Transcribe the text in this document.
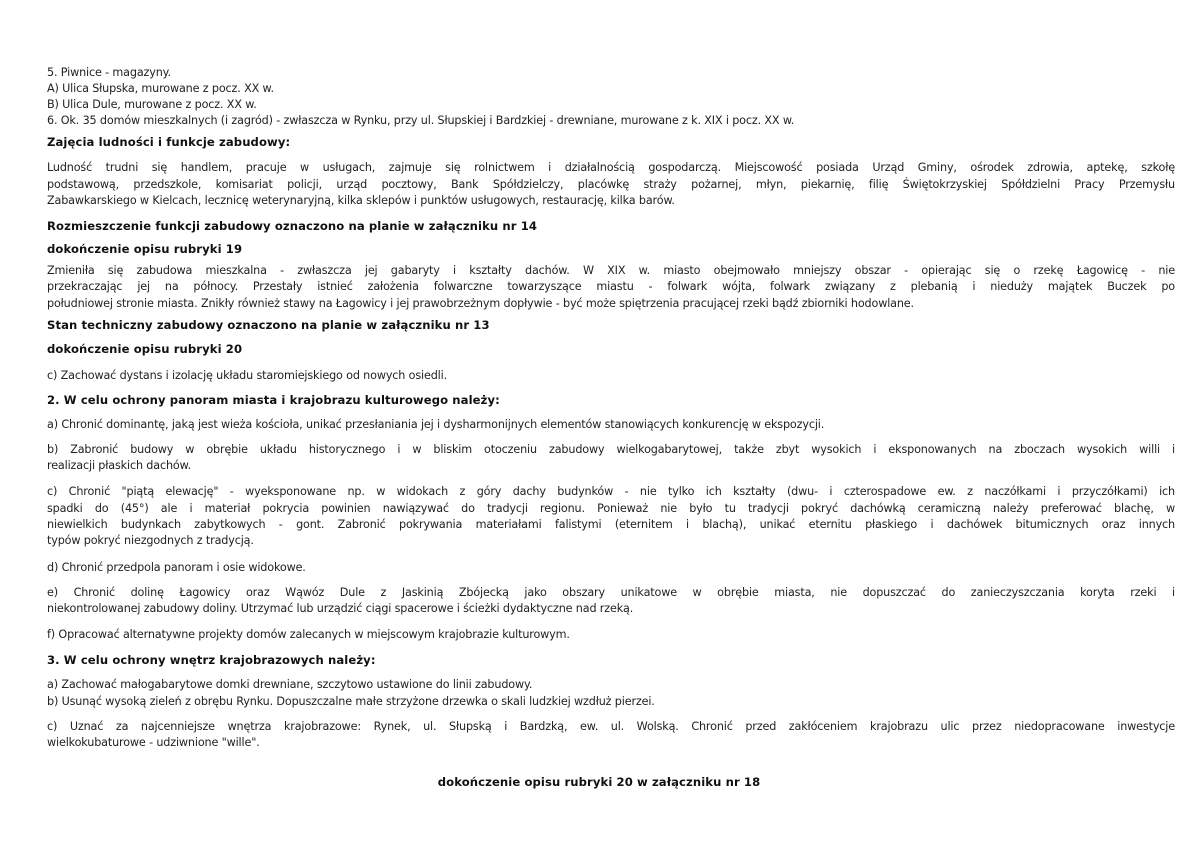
5. Piwnice - magazyny.
A) Ulica Słupska, murowane z pocz. XX w.
B) Ulica Dule, murowane z pocz. XX w.
6. Ok. 35 domów mieszkalnych (i zagród) - zwłaszcza w Rynku, przy ul. Słupskiej i Bardzkiej - drewniane, murowane z k. XIX i pocz. XX w.
Zajęcia ludności i funkcje zabudowy:
Ludność trudni się handlem, pracuje w usługach, zajmuje się rolnictwem i działalnością gospodarczą. Miejscowość posiada Urząd Gminy, ośrodek zdrowia, aptekę, szkołę
podstawową, przedszkole, komisariat policji, urząd pocztowy, Bank Spółdzielczy, placówkę straży pożarnej, młyn, piekarnię, filię Świętokrzyskiej Spółdzielni Pracy Przemysłu
Zabawkarskiego w Kielcach, lecznicę weterynaryjną, kilka sklepów i punktów usługowych, restaurację, kilka barów.
Rozmieszczenie funkcji zabudowy oznaczono na planie w załączniku nr 14
dokończenie opisu rubryki 19
Zmieniła się zabudowa mieszkalna - zwłaszcza jej gabaryty i kształty dachów. W XIX w. miasto obejmowało mniejszy obszar - opierając się o rzekę Łagowicę - nie
przekraczając jej na północy. Przestały istnieć założenia folwarczne towarzyszące miastu - folwark wójta, folwark związany z plebanią i nieduży majątek Buczek po
południowej stronie miasta. Znikły również stawy na Łagowicy i jej prawobrzeżnym dopływie - być może spiętrzenia pracującej rzeki bądź zbiorniki hodowlane.
Stan techniczny zabudowy oznaczono na planie w załączniku nr 13
dokończenie opisu rubryki 20
c) Zachować dystans i izolację układu staromiejskiego od nowych osiedli.
2. W celu ochrony panoram miasta i krajobrazu kulturowego należy:
a) Chronić dominantę, jaką jest wieża kościoła, unikać przesłaniania jej i dysharmonijnych elementów stanowiących konkurencję w ekspozycji.
b) Zabronić budowy w obrębie układu historycznego i w bliskim otoczeniu zabudowy wielkogabarytowej, także zbyt wysokich i eksponowanych na zboczach wysokich willi i
realizacji płaskich dachów.
c) Chronić "piątą elewację" - wyeksponowane np. w widokach z góry dachy budynków - nie tylko ich kształty (dwu- i czterospadowe ew. z naczółkami i przyczółkami) ich
spadki do (45°) ale i materiał pokrycia powinien nawiązywać do tradycji regionu. Ponieważ nie było tu tradycji pokryć dachówką ceramiczną należy preferować blachę, w
niewielkich budynkach zabytkowych - gont. Zabronić pokrywania materiałami falistymi (eternitem i blachą), unikać eternitu płaskiego i dachówek bitumicznych oraz innych
typów pokryć niezgodnych z tradycją.
d) Chronić przedpola panoram i osie widokowe.
e) Chronić dolinę Łagowicy oraz Wąwóz Dule z Jaskinią Zbójecką jako obszary unikatowe w obrębie miasta, nie dopuszczać do zanieczyszczania koryta rzeki i
niekontrolowanej zabudowy doliny. Utrzymać lub urządzić ciągi spacerowe i ścieżki dydaktyczne nad rzeką.
f) Opracować alternatywne projekty domów zalecanych w miejscowym krajobrazie kulturowym.
3. W celu ochrony wnętrz krajobrazowych należy:
a) Zachować małogabarytowe domki drewniane, szczytowo ustawione do linii zabudowy.
b) Usunąć wysoką zieleń z obrębu Rynku. Dopuszczalne małe strzyżone drzewka o skali ludzkiej wzdłuż pierzei.
c) Uznać za najcenniejsze wnętrza krajobrazowe: Rynek, ul. Słupską i Bardzką, ew. ul. Wolską. Chronić przed zakłóceniem krajobrazu ulic przez niedopracowane inwestycje
wielkokubaturowe - udziwnione "wille".
dokończenie opisu rubryki 20 w załączniku nr 18
